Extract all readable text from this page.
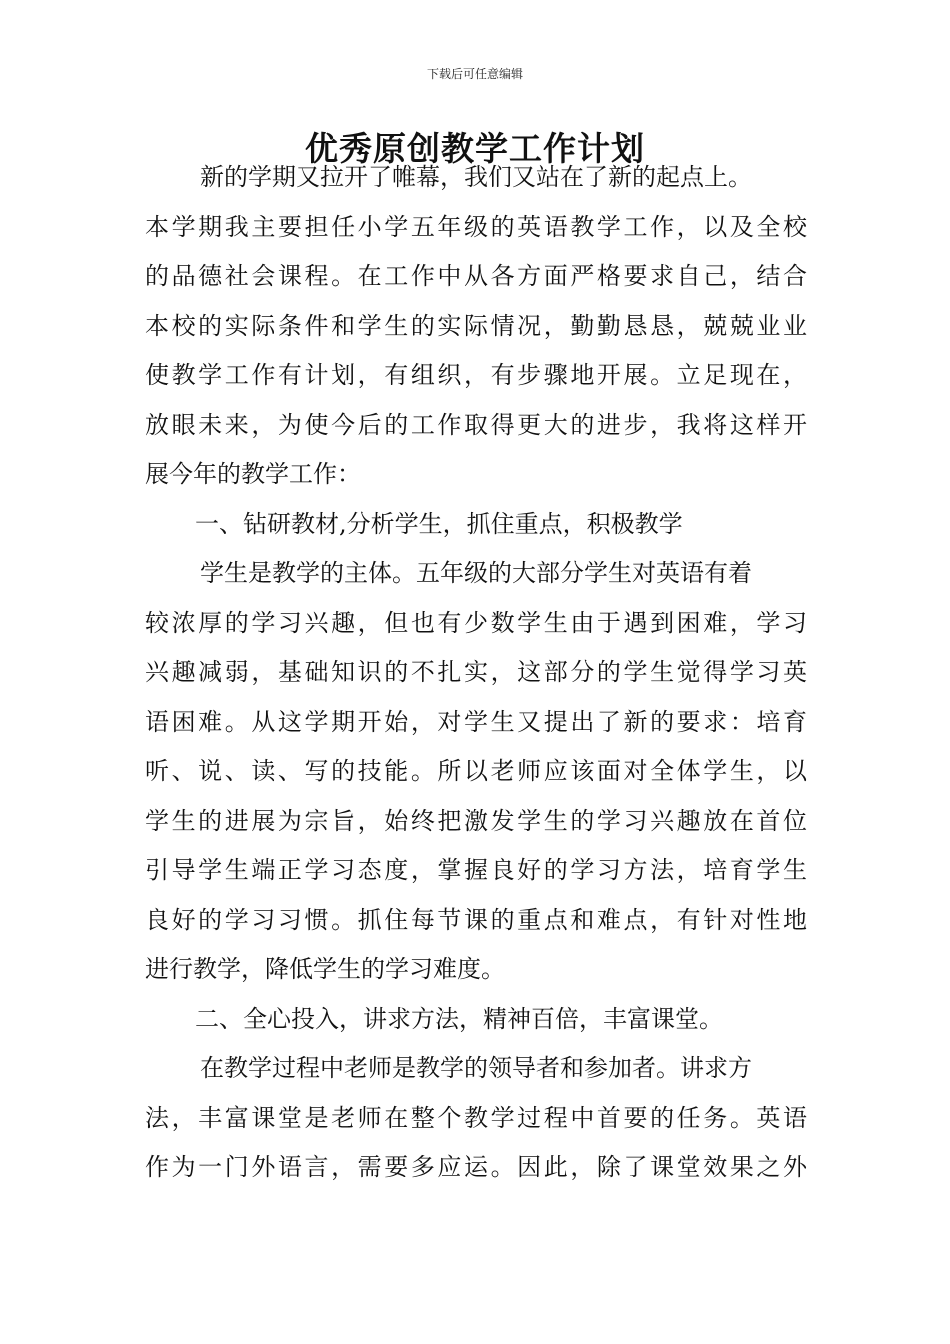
下载后可任意编辑
优秀原创教学工作计划
新的学期又拉开了帷幕，我们又站在了新的起点上。
本学期我主要担任小学五年级的英语教学工作，以及全校
的品德社会课程。在工作中从各方面严格要求自己，结合
本校的实际条件和学生的实际情况，勤勤恳恳，兢兢业业
使教学工作有计划，有组织，有步骤地开展。立足现在，
放眼未来，为使今后的工作取得更大的进步，我将这样开
展今年的教学工作：
一、钻研教材,分析学生，抓住重点，积极教学
学生是教学的主体。五年级的大部分学生对英语有着
较浓厚的学习兴趣，但也有少数学生由于遇到困难，学习
兴趣减弱，基础知识的不扎实，这部分的学生觉得学习英
语困难。从这学期开始，对学生又提出了新的要求：培育
听、说、读、写的技能。所以老师应该面对全体学生，以
学生的进展为宗旨，始终把激发学生的学习兴趣放在首位
引导学生端正学习态度，掌握良好的学习方法，培育学生
良好的学习习惯。抓住每节课的重点和难点，有针对性地
进行教学，降低学生的学习难度。
二、全心投入，讲求方法，精神百倍，丰富课堂。
在教学过程中老师是教学的领导者和参加者。讲求方
法，丰富课堂是老师在整个教学过程中首要的任务。英语
作为一门外语言，需要多应运。因此，除了课堂效果之外
